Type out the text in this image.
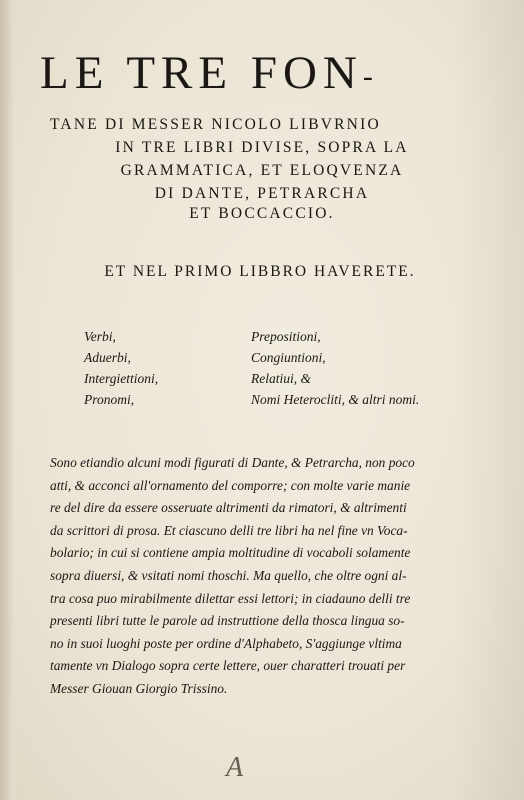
LE TRE FON-
TANE DI MESSER NICOLO LIBVRNIO
IN TRE LIBRI DIVISE, SOPRA LA
GRAMMATICA, ET ELOQVENZA
DI DANTE, PETRARCHA
ET BOCCACCIO.
ET NEL PRIMO LIBBRO HAVERETE.
Verbi,
Aduerbi,
Intergiettioni,
Pronomi,
Prepositioni,
Congiuntioni,
Relatiui, &
Nomi Heterocliti, & altri nomi.
Sono etiandio alcuni modi figurati di Dante, & Petrarcha, non poco
atti, & acconci all'ornamento del comporre; con molte varie manie
re del dire da essere osseruate altrimenti da rimatori, & altrimenti
da scrittori di prosa. Et ciascuno delli tre libri ha nel fine vn Voca-
bolario; in cui si contiene ampia moltitudine di vocaboli solamente
sopra diuersi, & vsitati nomi thoschi. Ma quello, che oltre ogni al-
tra cosa puo mirabilmente dilettar essi lettori; in ciadauno delli tre
presenti libri tutte le parole ad instruttione della thosca lingua so-
no in suoi luoghi poste per ordine d'Alphabeto, S'aggiunge vltima
tamente vn Dialogo sopra certe lettere, ouer charatteri trouati per
Messer Giouan Giorgio Trissino.
A
